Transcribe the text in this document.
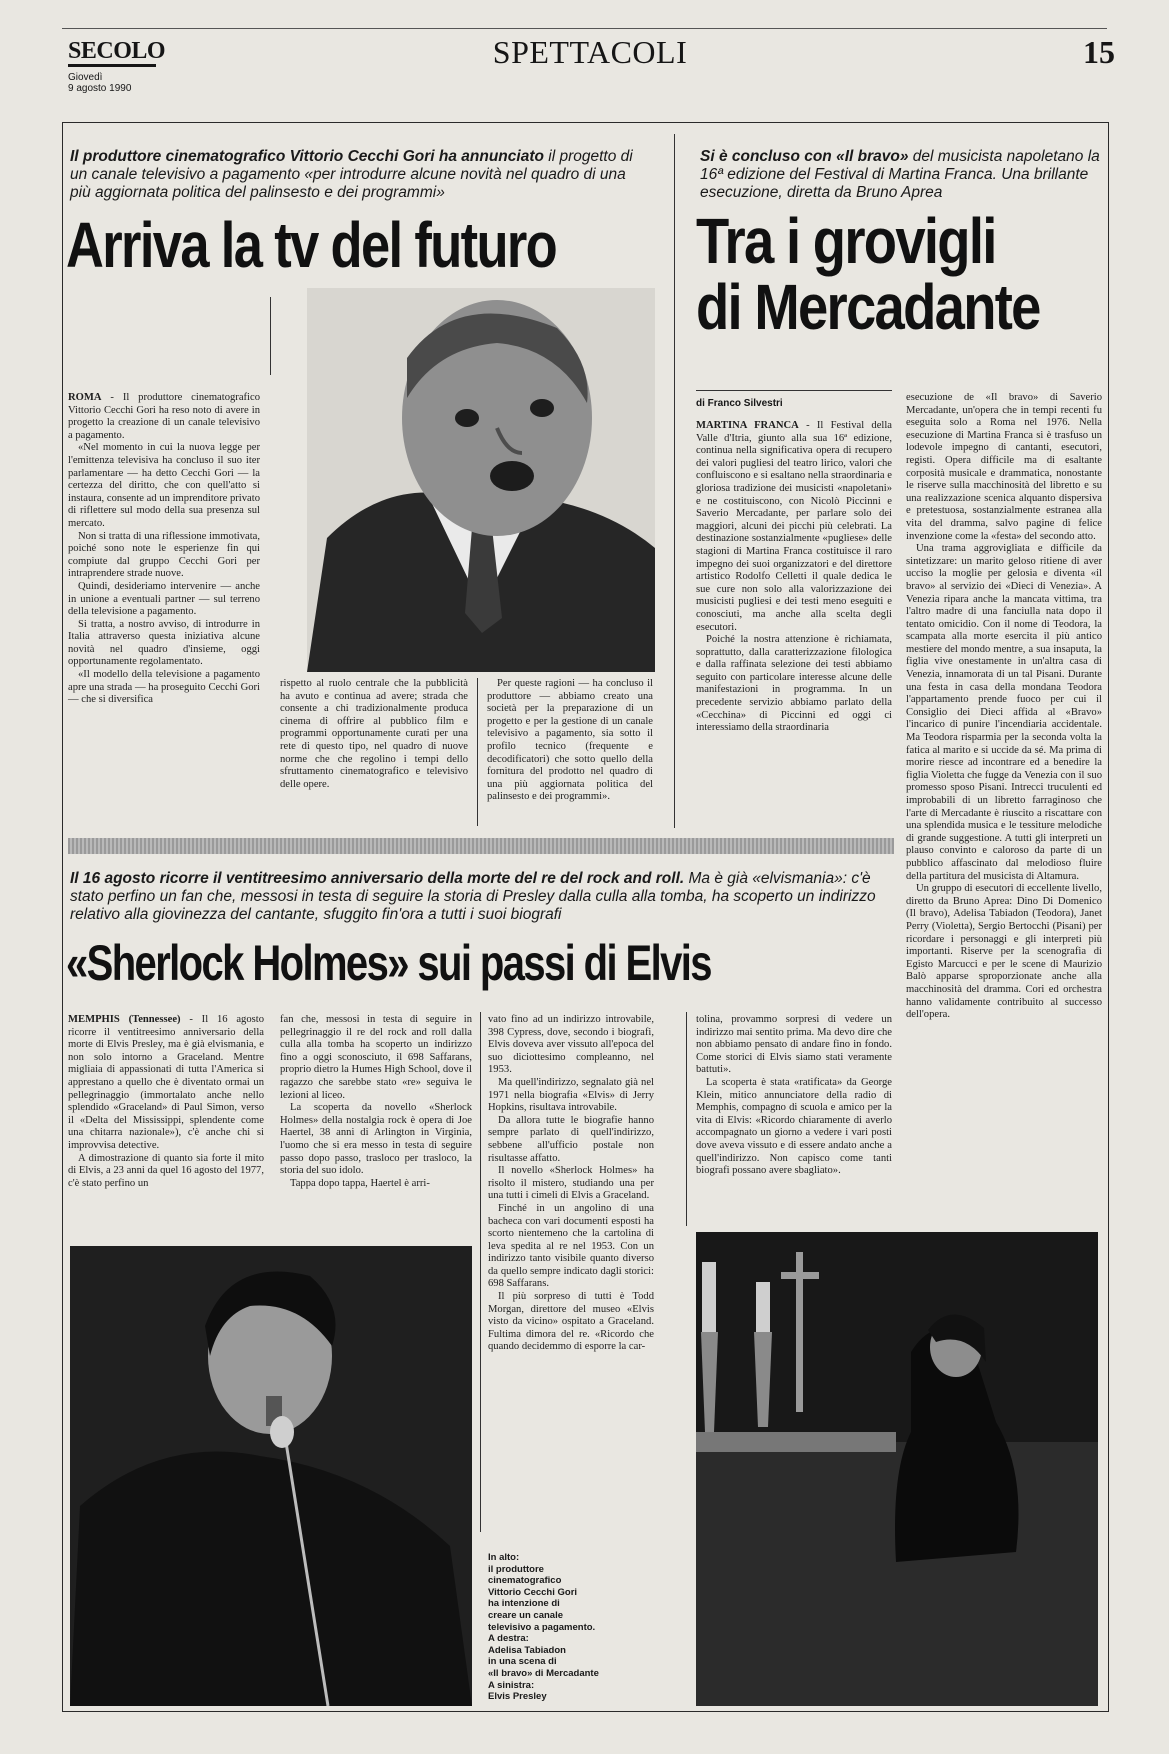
SECOLO
Giovedì
9 agosto 1990
SPETTACOLI	15
Il produttore cinematografico Vittorio Cecchi Gori ha annunciato il progetto di un canale televisivo a pagamento «per introdurre alcune novità nel quadro di una più aggiornata politica del palinsesto e dei programmi»
Arriva la tv del futuro

ROMA - Il produttore cinematografico Vittorio Cecchi Gori ha reso noto di avere in progetto la creazione di un canale televisivo a pagamento.

«Nel momento in cui la nuova legge per l'emittenza televisiva ha concluso il suo iter parlamentare — ha detto Cecchi Gori — la certezza del diritto, che con quell'atto si instaura, consente ad un imprenditore privato di riflettere sul modo della sua presenza sul mercato.

Non si tratta di una riflessione immotivata, poiché sono note le esperienze fin qui compiute dal gruppo Cecchi Gori per intraprendere strade nuove.

Quindi, desideriamo intervenire — anche in unione a eventuali partner — sul terreno della televisione a pagamento.

Si tratta, a nostro avviso, di introdurre in Italia attraverso questa iniziativa alcune novità nel quadro d'insieme, oggi opportunamente regolamentato.

«Il modello della televisione a pagamento apre una strada — ha proseguito Cecchi Gori — che si diversifica

rispetto al ruolo centrale che la pubblicità ha avuto e continua ad avere; strada che consente a chi tradizionalmente produca cinema di offrire al pubblico film e programmi opportunamente curati per una rete di questo tipo, nel quadro di nuove norme che che regolino i tempi dello sfruttamento cinematografico e televisivo delle opere.

Per queste ragioni — ha concluso il produttore — abbiamo creato una società per la preparazione di un progetto e per la gestione di un canale televisivo a pagamento, sia sotto il profilo tecnico (frequente e decodificatori) che sotto quello della fornitura del prodotto nel quadro di una più aggiornata politica del palinsesto e dei programmi».

Si è concluso con «Il bravo» del musicista napoletano la 16ª edizione del Festival di Martina Franca. Una brillante esecuzione, diretta da Bruno Aprea
Tra i grovigli
di Mercadante
di Franco Silvestri

MARTINA FRANCA - Il Festival della Valle d'Itria, giunto alla sua 16ª edizione, continua nella significativa opera di recupero dei valori pugliesi del teatro lirico, valori che confluiscono e si esaltano nella straordinaria e gloriosa tradizione dei musicisti «napoletani» e ne costituiscono, con Nicolò Piccinni e Saverio Mercadante, per parlare solo dei maggiori, alcuni dei picchi più celebrati. La destinazione sostanzialmente «pugliese» delle stagioni di Martina Franca costituisce il raro impegno dei suoi organizzatori e del direttore artistico Rodolfo Celletti il quale dedica le sue cure non solo alla valorizzazione dei musicisti pugliesi e dei testi meno eseguiti e conosciuti, ma anche alla scelta degli esecutori.

Poiché la nostra attenzione è richiamata, soprattutto, dalla caratterizzazione filologica e dalla raffinata selezione dei testi abbiamo seguito con particolare interesse alcune delle manifestazioni in programma. In un precedente servizio abbiamo parlato della «Cecchina» di Piccinni ed oggi ci interessiamo della straordinaria

esecuzione de «Il bravo» di Saverio Mercadante, un'opera che in tempi recenti fu eseguita solo a Roma nel 1976. Nella esecuzione di Martina Franca si è trasfuso un lodevole impegno di cantanti, esecutori, registi. Opera difficile ma di esaltante corposità musicale e drammatica, nonostante le riserve sulla macchinosità del libretto e su una realizzazione scenica alquanto dispersiva e pretestuosa, sostanzialmente estranea alla vita del dramma, salvo pagine di felice invenzione come la «festa» del secondo atto.

Una trama aggrovigliata e difficile da sintetizzare: un marito geloso ritiene di aver ucciso la moglie per gelosia e diventa «il bravo» al servizio dei «Dieci di Venezia». A Venezia ripara anche la mancata vittima, tra l'altro madre di una fanciulla nata dopo il tentato omicidio. Con il nome di Teodora, la scampata alla morte esercita il più antico mestiere del mondo mentre, a sua insaputa, la figlia vive onestamente in un'altra casa di Venezia, innamorata di un tal Pisani. Durante una festa in casa della mondana Teodora l'appartamento prende fuoco per cui il Consiglio dei Dieci affida al «Bravo» l'incarico di punire l'incendiaria accidentale. Ma Teodora risparmia per la seconda volta la fatica al marito e si uccide da sé. Ma prima di morire riesce ad incontrare ed a benedire la figlia Violetta che fugge da Venezia con il suo promesso sposo Pisani. Intrecci truculenti ed improbabili di un libretto farraginoso che l'arte di Mercadante è riuscito a riscattare con una splendida musica e le tessiture melodiche di grande suggestione. A tutti gli interpreti un plauso convinto e caloroso da parte di un pubblico affascinato dal melodioso fluire della partitura del musicista di Altamura.

Un gruppo di esecutori di eccellente livello, diretto da Bruno Aprea: Dino Di Domenico (Il bravo), Adelisa Tabiadon (Teodora), Janet Perry (Violetta), Sergio Bertocchi (Pisani) per ricordare i personaggi e gli interpreti più importanti. Riserve per la scenografia di Egisto Marcucci e per le scene di Maurizio Balò apparse sproporzionate anche alla macchinosità del dramma. Cori ed orchestra hanno validamente contribuito al successo dell'opera.

Il 16 agosto ricorre il ventitreesimo anniversario della morte del re del rock and roll. Ma è già «elvismania»: c'è stato perfino un fan che, messosi in testa di seguire la storia di Presley dalla culla alla tomba, ha scoperto un indirizzo relativo alla giovinezza del cantante, sfuggito fin'ora a tutti i suoi biografi
«Sherlock Holmes» sui passi di Elvis

MEMPHIS (Tennessee) - Il 16 agosto ricorre il ventitreesimo anniversario della morte di Elvis Presley, ma è già elvismania, e non solo intorno a Graceland. Mentre migliaia di appassionati di tutta l'America si apprestano a quello che è diventato ormai un pellegrinaggio (immortalato anche nello splendido «Graceland» di Paul Simon, verso il «Delta del Mississippi, splendente come una chitarra nazionale»), c'è anche chi si improvvisa detective.

A dimostrazione di quanto sia forte il mito di Elvis, a 23 anni da quel 16 agosto del 1977, c'è stato perfino un

fan che, messosi in testa di seguire in pellegrinaggio il re del rock and roll dalla culla alla tomba ha scoperto un indirizzo fino a oggi sconosciuto, il 698 Saffarans, proprio dietro la Humes High School, dove il ragazzo che sarebbe stato «re» seguiva le lezioni al liceo.

La scoperta da novello «Sherlock Holmes» della nostalgia rock è opera di Joe Haertel, 38 anni di Arlington in Virginia, l'uomo che si era messo in testa di seguire passo dopo passo, trasloco per trasloco, la storia del suo idolo.

Tappa dopo tappa, Haertel è arri-

vato fino ad un indirizzo introvabile, 398 Cypress, dove, secondo i biografi, Elvis doveva aver vissuto all'epoca del suo diciottesimo compleanno, nel 1953.

Ma quell'indirizzo, segnalato già nel 1971 nella biografia «Elvis» di Jerry Hopkins, risultava introvabile.

Da allora tutte le biografie hanno sempre parlato di quell'indirizzo, sebbene all'ufficio postale non risultasse affatto.

Il novello «Sherlock Holmes» ha risolto il mistero, studiando una per una tutti i cimeli di Elvis a Graceland.

Finché in un angolino di una bacheca con vari documenti esposti ha scorto nientemeno che la cartolina di leva spedita al re nel 1953. Con un indirizzo tanto visibile quanto diverso da quello sempre indicato dagli storici: 698 Saffarans.

Il più sorpreso di tutti è Todd Morgan, direttore del museo «Elvis visto da vicino» ospitato a Graceland. Fultima dimora del re. «Ricordo che quando decidemmo di esporre la car-

tolina, provammo sorpresi di vedere un indirizzo mai sentito prima. Ma devo dire che non abbiamo pensato di andare fino in fondo. Come storici di Elvis siamo stati veramente battuti».

La scoperta è stata «ratificata» da George Klein, mitico annunciatore della radio di Memphis, compagno di scuola e amico per la vita di Elvis: «Ricordo chiaramente di averlo accompagnato un giorno a vedere i vari posti dove aveva vissuto e di essere andato anche a quell'indirizzo. Non capisco come tanti biografi possano avere sbagliato».

In alto:
il produttore
cinematografico
Vittorio Cecchi Gori
ha intenzione di
creare un canale
televisivo a pagamento.
A destra:
Adelisa Tabiadon
in una scena di
«Il bravo» di Mercadante
A sinistra:
Elvis Presley
